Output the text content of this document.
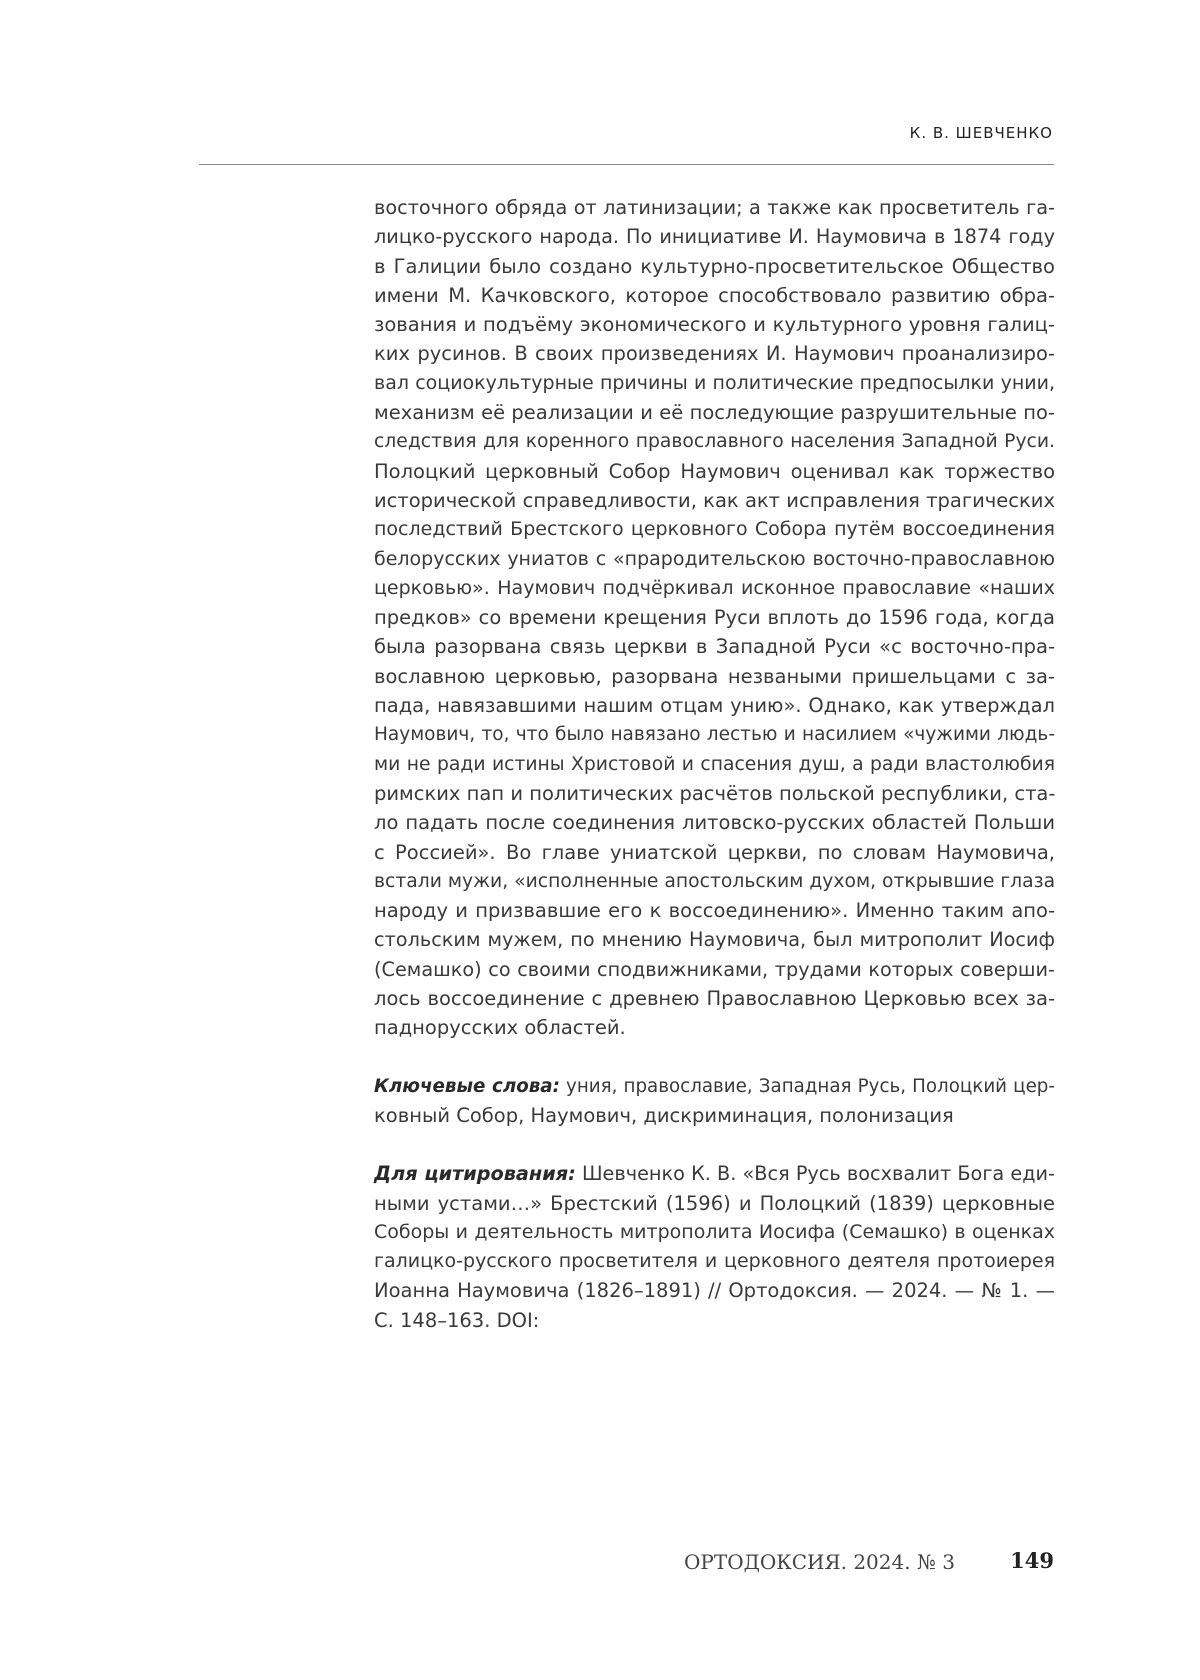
К. В. ШЕВЧЕНКО

восточного обряда от латинизации; а также как просветитель га-
лицко-русского народа. По инициативе И. Наумовича в 1874 году
в Галиции было создано культурно-просветительское Общество
имени М. Качковского, которое способствовало развитию обра-
зования и подъёму экономического и культурного уровня галиц-
ких русинов. В своих произведениях И. Наумович проанализиро-
вал социокультурные причины и политические предпосылки унии,
механизм её реализации и её последующие разрушительные по-
следствия для коренного православного населения Западной Руси.
Полоцкий церковный Собор Наумович оценивал как торжество
исторической справедливости, как акт исправления трагических
последствий Брестского церковного Собора путём воссоединения
белорусских униатов с «прародительскою восточно-православною
церковью». Наумович подчёркивал исконное православие «наших
предков» со времени крещения Руси вплоть до 1596 года, когда
была разорвана связь церкви в Западной Руси «с восточно-пра-
вославною церковью, разорвана незваными пришельцами с за-
пада, навязавшими нашим отцам унию». Однако, как утверждал
Наумович, то, что было навязано лестью и насилием «чужими людь-
ми не ради истины Христовой и спасения душ, а ради властолюбия
римских пап и политических расчётов польской республики, ста-
ло падать после соединения литовско-русских областей Польши
с Россией». Во главе униатской церкви, по словам Наумовича,
встали мужи, «исполненные апостольским духом, открывшие глаза
народу и призвавшие его к воссоединению». Именно таким апо-
стольским мужем, по мнению Наумовича, был митрополит Иосиф
(Семашко) со своими сподвижниками, трудами которых соверши-
лось воссоединение с древнею Православною Церковью всех за-
паднорусских областей.

Ключевые слова: уния, православие, Западная Русь, Полоцкий цер-
ковный Собор, Наумович, дискриминация, полонизация

Для цитирования: Шевченко К. В. «Вся Русь восхвалит Бога еди-
ными устами…» Брестский (1596) и Полоцкий (1839) церковные
Соборы и деятельность митрополита Иосифа (Семашко) в оценках
галицко-русского просветителя и церковного деятеля протоиерея
Иоанна Наумовича (1826–1891) // Ортодоксия. — 2024. — № 1. —
С. 148–163. DOI:

ОРТОДОКСИЯ. 2024. № 3	149
